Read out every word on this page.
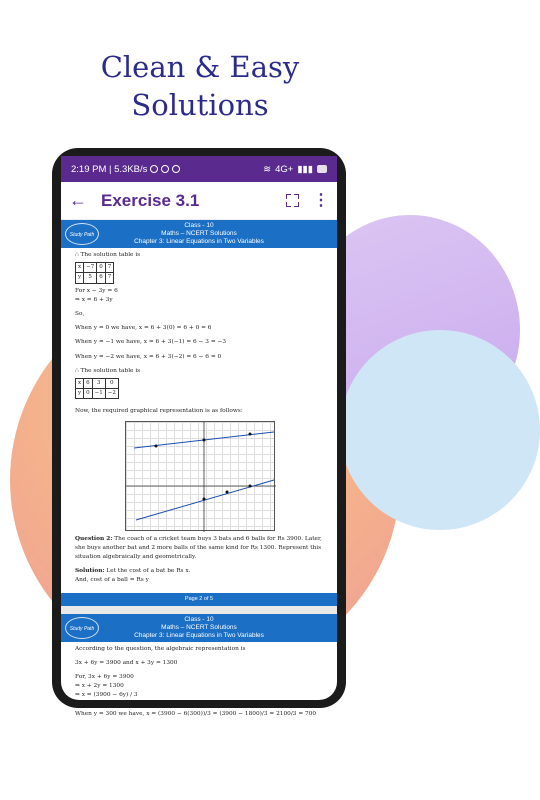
Clean & Easy
Solutions
2:19 PM | 5.3KB/s	≋ 4G+ ▮▮▮
← Exercise 3.1	⋮
Study Path
Class - 10
Maths – NCERT Solutions
Chapter 3: Linear Equations in Two Variables

∴ The solution table is

x	−7	0	7
y	5	6	7

For x − 3y = 6

⇒ x = 6 + 3y

So,

When y = 0 we have, x = 6 + 3(0) = 6 + 0 = 6

When y = −1 we have, x = 6 + 3(−1) = 6 − 3 = −3

When y = −2 we have, x = 6 + 3(−2) = 6 − 6 = 0

∴ The solution table is

x	6	3	0
y	0	−1	−2

Now, the required graphical representation is as follows:

Question 2: The coach of a cricket team buys 3 bats and 6 balls for Rs 3900. Later, she buys another bat and 2 more balls of the same kind for Rs 1300. Represent this situation algebraically and geometrically.

Solution: Let the cost of a bat be Rs x.

And, cost of a ball = Rs y

Page 2 of 5
Study Path
Class - 10
Maths – NCERT Solutions
Chapter 3: Linear Equations in Two Variables

According to the question, the algebraic representation is

3x + 6y = 3900 and x + 3y = 1300

For, 3x + 6y = 3900

⇒ x + 2y = 1300

⇒ x = (3900 − 6y) / 3

So,

When y = 300 we have, x = (3900 − 6(300))/3 = (3900 − 1800)/3 = 2100/3 = 700
